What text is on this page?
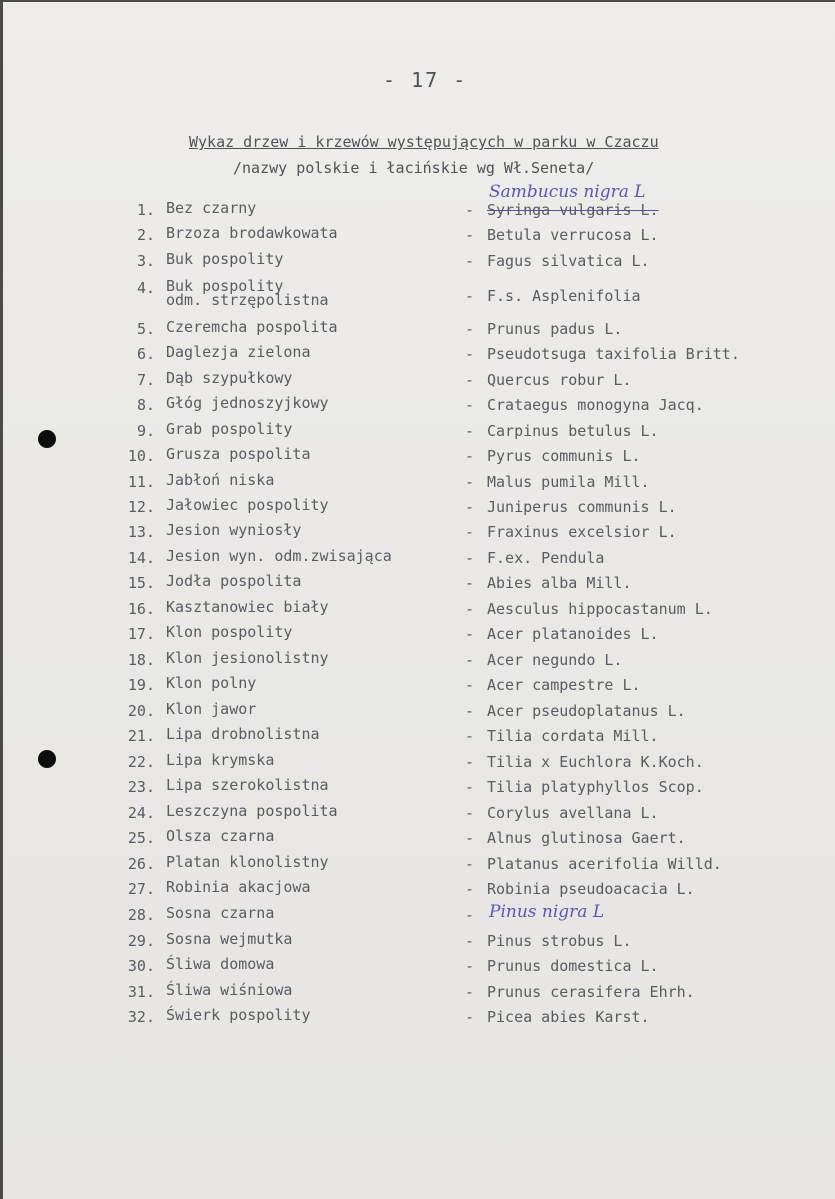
- 17 -
Wykaz drzew i krzewów występujących w parku w Czaczu
/nazwy polskie i łacińskie wg Wł.Seneta/
Sambucus nigra L
1. Bez czarny	- Syringa vulgaris L.
2. Brzoza brodawkowata	- Betula verrucosa L.
3. Buk pospolity	- Fagus silvatica L.
4. Buk pospolity
odm. strzępolistna	- F.s. Asplenifolia
5. Czeremcha pospolita	- Prunus padus L.
6. Daglezja zielona	- Pseudotsuga taxifolia Britt.
7. Dąb szypułkowy	- Quercus robur L.
8. Głóg jednoszyjkowy	- Crataegus monogyna Jacq.
9. Grab pospolity	- Carpinus betulus L.
10. Grusza pospolita	- Pyrus communis L.
11. Jabłoń niska	- Malus pumila Mill.
12. Jałowiec pospolity	- Juniperus communis L.
13. Jesion wyniosły	- Fraxinus excelsior L.
14. Jesion wyn. odm.zwisająca	- F.ex. Pendula
15. Jodła pospolita	- Abies alba Mill.
16. Kasztanowiec biały	- Aesculus hippocastanum L.
17. Klon pospolity	- Acer platanoides L.
18. Klon jesionolistny	- Acer negundo L.
19. Klon polny	- Acer campestre L.
20. Klon jawor	- Acer pseudoplatanus L.
21. Lipa drobnolistna	- Tilia cordata Mill.
22. Lipa krymska	- Tilia x Euchlora K.Koch.
23. Lipa szerokolistna	- Tilia platyphyllos Scop.
24. Leszczyna pospolita	- Corylus avellana L.
25. Olsza czarna	- Alnus glutinosa Gaert.
26. Platan klonolistny	- Platanus acerifolia Willd.
27. Robinia akacjowa	- Robinia pseudoacacia L.
28. Sosna czarna	- Pinus nigra L
29. Sosna wejmutka	- Pinus strobus L.
30. Śliwa domowa	- Prunus domestica L.
31. Śliwa wiśniowa	- Prunus cerasifera Ehrh.
32. Świerk pospolity	- Picea abies Karst.
